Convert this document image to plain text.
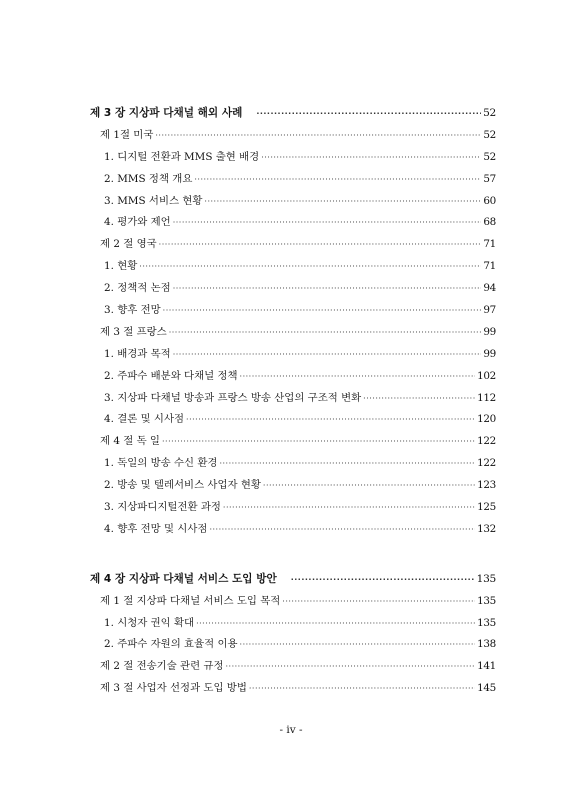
제 3 장 지상파 다채널 해외 사례 ·····	52
제 1절 미국 ·····	52
1. 디지털 전환과 MMS 출현 배경 ·····	52
2. MMS 정책 개요 ·····	57
3. MMS 서비스 현황 ·····	60
4. 평가와 제언 ·····	68
제 2 절 영국 ·····	71
1. 현황 ·····	71
2. 정책적 논점 ·····	94
3. 향후 전망 ·····	97
제 3 절 프랑스 ·····	99
1. 배경과 목적 ·····	99
2. 주파수 배분와 다채널 정책 ·····	102
3. 지상파 다채널 방송과 프랑스 방송 산업의 구조적 변화 ·····	112
4. 결론 및 시사점 ·····	120
제 4 절 독 일 ·····	122
1. 독일의 방송 수신 환경 ·····	122
2. 방송 및 텔레서비스 사업자 현황 ·····	123
3. 지상파디지털전환 과정 ·····	125
4. 향후 전망 및 시사점 ·····	132
제 4 장 지상파 다채널 서비스 도입 방안 ·····	135
제 1 절 지상파 다채널 서비스 도입 목적 ·····	135
1. 시청자 권익 확대 ·····	135
2. 주파수 자원의 효율적 이용 ·····	138
제 2 절 전송기술 관련 규정 ·····	141
제 3 절 사업자 선정과 도입 방법 ·····	145
- iv -
